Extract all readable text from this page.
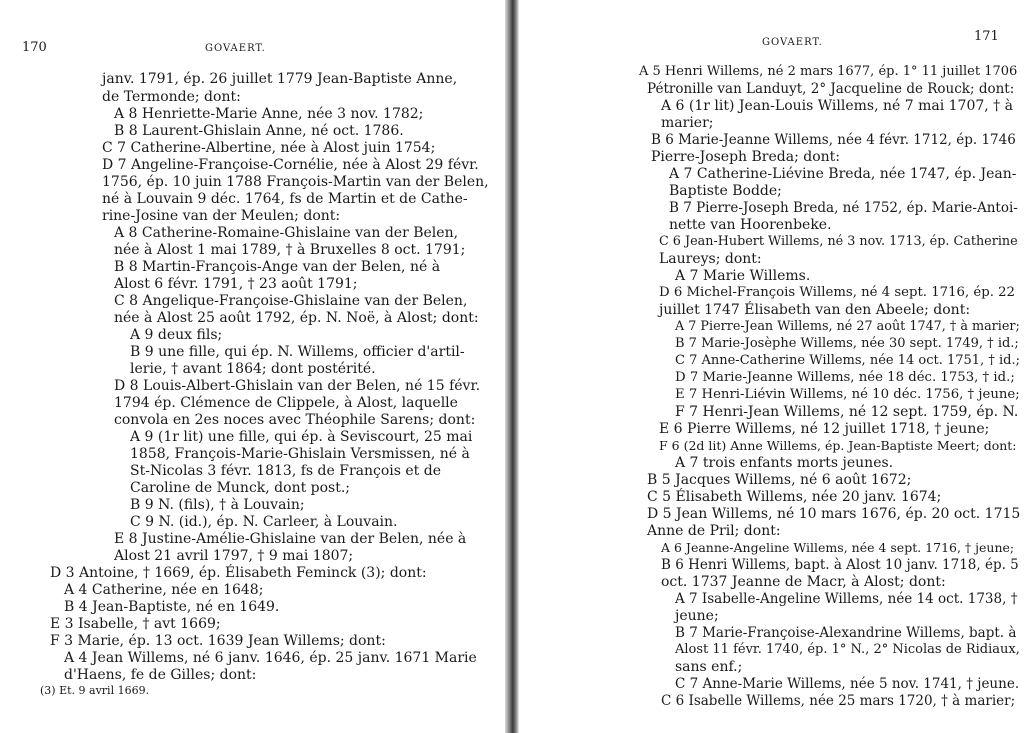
170	GOVAERT.
janv. 1791, ép. 26 juillet 1779 Jean-Baptiste Anne,
de Termonde; dont:
A 8 Henriette-Marie Anne, née 3 nov. 1782;
B 8 Laurent-Ghislain Anne, né oct. 1786.
C 7 Catherine-Albertine, née à Alost juin 1754;
D 7 Angeline-Françoise-Cornélie, née à Alost 29 févr.
1756, ép. 10 juin 1788 François-Martin van der Belen,
né à Louvain 9 déc. 1764, fs de Martin et de Cathe-
rine-Josine van der Meulen; dont:
A 8 Catherine-Romaine-Ghislaine van der Belen,
née à Alost 1 mai 1789, † à Bruxelles 8 oct. 1791;
B 8 Martin-François-Ange van der Belen, né à
Alost 6 févr. 1791, † 23 août 1791;
C 8 Angelique-Françoise-Ghislaine van der Belen,
née à Alost 25 août 1792, ép. N. Noë, à Alost; dont:
A 9 deux fils;
B 9 une fille, qui ép. N. Willems, officier d'artil-
lerie, † avant 1864; dont postérité.
D 8 Louis-Albert-Ghislain van der Belen, né 15 févr.
1794 ép. Clémence de Clippele, à Alost, laquelle
convola en 2es noces avec Théophile Sarens; dont:
A 9 (1r lit) une fille, qui ép. à Seviscourt, 25 mai
1858, François-Marie-Ghislain Versmissen, né à
St-Nicolas 3 févr. 1813, fs de François et de
Caroline de Munck, dont post.;
B 9 N. (fils), † à Louvain;
C 9 N. (id.), ép. N. Carleer, à Louvain.
E 8 Justine-Amélie-Ghislaine van der Belen, née à
Alost 21 avril 1797, † 9 mai 1807;
D 3 Antoine, † 1669, ép. Élisabeth Feminck (3); dont:
A 4 Catherine, née en 1648;
B 4 Jean-Baptiste, né en 1649.
E 3 Isabelle, † avt 1669;
F 3 Marie, ép. 13 oct. 1639 Jean Willems; dont:
A 4 Jean Willems, né 6 janv. 1646, ép. 25 janv. 1671 Marie
d'Haens, fe de Gilles; dont:
(3) Et. 9 avril 1669.
GOVAERT.	171
A 5 Henri Willems, né 2 mars 1677, ép. 1° 11 juillet 1706
Pétronille van Landuyt, 2° Jacqueline de Rouck; dont:
A 6 (1r lit) Jean-Louis Willems, né 7 mai 1707, † à
marier;
B 6 Marie-Jeanne Willems, née 4 févr. 1712, ép. 1746
Pierre-Joseph Breda; dont:
A 7 Catherine-Liévine Breda, née 1747, ép. Jean-
Baptiste Bodde;
B 7 Pierre-Joseph Breda, né 1752, ép. Marie-Antoi-
nette van Hoorenbeke.
C 6 Jean-Hubert Willems, né 3 nov. 1713, ép. Catherine
Laureys; dont:
A 7 Marie Willems.
D 6 Michel-François Willems, né 4 sept. 1716, ép. 22
juillet 1747 Élisabeth van den Abeele; dont:
A 7 Pierre-Jean Willems, né 27 août 1747, † à marier;
B 7 Marie-Josèphe Willems, née 30 sept. 1749, † id.;
C 7 Anne-Catherine Willems, née 14 oct. 1751, † id.;
D 7 Marie-Jeanne Willems, née 18 déc. 1753, † id.;
E 7 Henri-Liévin Willems, né 10 déc. 1756, † jeune;
F 7 Henri-Jean Willems, né 12 sept. 1759, ép. N.
E 6 Pierre Willems, né 12 juillet 1718, † jeune;
F 6 (2d lit) Anne Willems, ép. Jean-Baptiste Meert; dont:
A 7 trois enfants morts jeunes.
B 5 Jacques Willems, né 6 août 1672;
C 5 Élisabeth Willems, née 20 janv. 1674;
D 5 Jean Willems, né 10 mars 1676, ép. 20 oct. 1715
Anne de Pril; dont:
A 6 Jeanne-Angeline Willems, née 4 sept. 1716, † jeune;
B 6 Henri Willems, bapt. à Alost 10 janv. 1718, ép. 5
oct. 1737 Jeanne de Macr, à Alost; dont:
A 7 Isabelle-Angeline Willems, née 14 oct. 1738, †
jeune;
B 7 Marie-Françoise-Alexandrine Willems, bapt. à
Alost 11 févr. 1740, ép. 1° N., 2° Nicolas de Ridiaux,
sans enf.;
C 7 Anne-Marie Willems, née 5 nov. 1741, † jeune.
C 6 Isabelle Willems, née 25 mars 1720, † à marier;
